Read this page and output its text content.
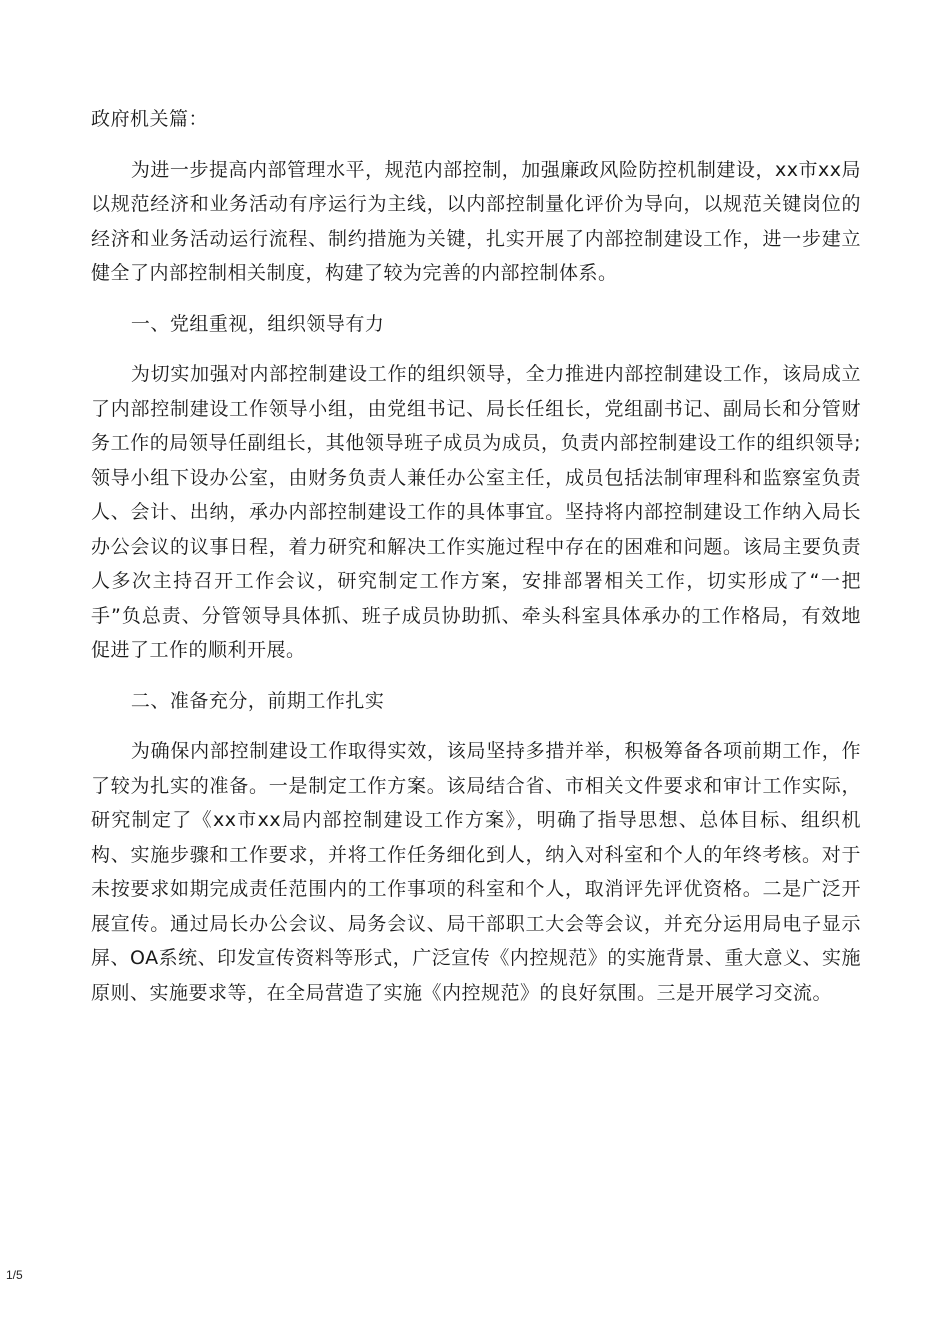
政府机关篇：

为进一步提高内部管理水平，规范内部控制，加强廉政风险防控机制建设，xx市xx局以规范经济和业务活动有序运行为主线，以内部控制量化评价为导向，以规范关键岗位的经济和业务活动运行流程、制约措施为关键，扎实开展了内部控制建设工作，进一步建立健全了内部控制相关制度，构建了较为完善的内部控制体系。

一、党组重视，组织领导有力

为切实加强对内部控制建设工作的组织领导，全力推进内部控制建设工作，该局成立了内部控制建设工作领导小组，由党组书记、局长任组长，党组副书记、副局长和分管财务工作的局领导任副组长，其他领导班子成员为成员，负责内部控制建设工作的组织领导;领导小组下设办公室，由财务负责人兼任办公室主任，成员包括法制审理科和监察室负责人、会计、出纳，承办内部控制建设工作的具体事宜。坚持将内部控制建设工作纳入局长办公会议的议事日程，着力研究和解决工作实施过程中存在的困难和问题。该局主要负责人多次主持召开工作会议，研究制定工作方案，安排部署相关工作，切实形成了“一把手”负总责、分管领导具体抓、班子成员协助抓、牵头科室具体承办的工作格局，有效地促进了工作的顺利开展。

二、准备充分，前期工作扎实

为确保内部控制建设工作取得实效，该局坚持多措并举，积极筹备各项前期工作，作了较为扎实的准备。一是制定工作方案。该局结合省、市相关文件要求和审计工作实际，研究制定了《xx市xx局内部控制建设工作方案》，明确了指导思想、总体目标、组织机构、实施步骤和工作要求，并将工作任务细化到人，纳入对科室和个人的年终考核。对于未按要求如期完成责任范围内的工作事项的科室和个人，取消评先评优资格。二是广泛开展宣传。通过局长办公会议、局务会议、局干部职工大会等会议，并充分运用局电子显示屏、OA系统、印发宣传资料等形式，广泛宣传《内控规范》的实施背景、重大意义、实施原则、实施要求等，在全局营造了实施《内控规范》的良好氛围。三是开展学习交流。

1/5
